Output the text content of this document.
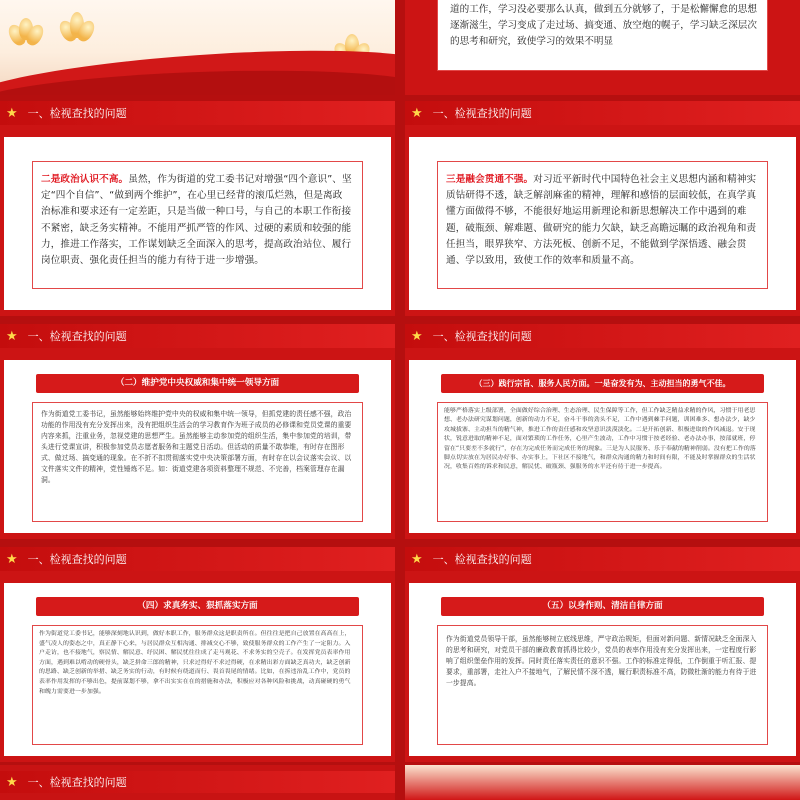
道的工作，学习没必要那么认真，做到五分就够了，于是松懈懈怠的思想逐渐滋生，学习变成了走过场、搞变通、放空炮的幌子，学习缺乏深层次的思考和研究，致使学习的效果不明显

★ 一、检视查找的问题

二是政治认识不高。虽然，作为街道的党工委书记对增强“四个意识”、坚定“四个自信”、“做到两个维护”，在心里已经背的滚瓜烂熟，但是离政治标准和要求还有一定差距，只是当做一种口号，与自己的本职工作衔接不紧密，缺乏务实精神。不能用严抓严管的作风、过硬的素质和较强的能力，推进工作落实，工作谋划缺乏全面深入的思考，提高政治站位、履行岗位职责、强化责任担当的能力有待于进一步增强。

★ 一、检视查找的问题

三是融会贯通不强。对习近平新时代中国特色社会主义思想内涵和精神实质钻研得不透，缺乏解剖麻雀的精神，理解和感悟的层面较低，在真学真懂方面做得不够，不能很好地运用新理论和新思想解决工作中遇到的难题，破瓶颈、解难题、做研究的能力欠缺，缺乏高瞻远瞩的政治视角和责任担当，眼界狭窄、方法死板、创新不足，不能做到学深悟透、融会贯通、学以致用，致使工作的效率和质量不高。

★ 一、检视查找的问题
（二）维护党中央权威和集中统一领导方面

作为街道党工委书记，虽然能够始终维护党中央的权威和集中统一领导，但抓党建的责任感不强，政治功能的作用没有充分发挥出来，没有把组织生活会的学习教育作为班子成员的必修课和党员党课的重要内容来抓，注重业务，忽视党建的思想严生。虽然能够主动参加党的组织生活，集中参加党的培训，带头进行党课宣讲，积极参加党员志愿者服务和主题党日活动。但活动的质量不敢恭维，有时存在图形式、做过场、搞变通的现象。在不折不扣贯彻落实党中央决策部署方面，有时存在以会议落实会议、以文件落实文件的精神，党性锤炼不足。如：街道党建各项资料整理不规范、不完善，档案管理存在漏洞。

★ 一、检视查找的问题
（三）践行宗旨、服务人民方面。一是奋发有为、主动担当的勇气不佳。

能够严格落实上级部署，全面做好综合治理、生态治理、民生保障等工作，但工作缺乏精益求精的作风，习惯于用老思想、老办法研究谋划问题，创新的动力不足，奋斗干事的劲头不足，工作中遇到棘手问题，训困难多、想办法少，缺少攻城拔寨、主动担当的精气神，推进工作的责任感和攻坚意识淡漠淡化。二是开拓创新、积极进取的作风减退。安于现状，锐意进取的精神不足，面对繁琐的工作任务，心里产生波动，工作中习惯于按老经验、老办法办事，按部就班，停留在“只要差不多就行”，存在为完成任务而完成任务的现象。三是为人民服务、乐于奉献的精神削弱。没有把工作的落脚点切实放在为居民办好事、办实事上，下社区不接地气，和群众沟通的精力和时间有限，不能及时掌握群众的生活状况，收集百姓的诉求和民意，解民忧、破瓶颈、强服务的水平还有待于进一步提高。

★ 一、检视查找的问题
（四）求真务实、狠抓落实方面

作为街道党工委书记，能够深刻地认识到，做好本职工作，服务群众这是职责所在。但往往是把自己放置在高高在上，盛气凌人的姿态之中，真正静下心来，与居民群众互相沟通、排减交心不够，致使服务群众的工作产生了一定阻力。入户走访，也不接地气，察民情、解民意、纾民困、解民忧往往成了走马观花、不求务实的空壳子。在发挥党员表率作用方面，遇到难以啃动的硬骨头，缺乏拼命三郎的精神，只求过得好不求过得硬，在求精出彩方面缺乏真功夫，缺乏创新的思路、缺乏创新的举措、缺乏务实的行动，有时候有绕道而行、畏首畏尾的情绪。比如，在拆违治乱工作中，党员的表率作用发挥的不够出色，提前谋划不够，拿不出实实在在的措施和办法，积极应对各种风险和挑战，动真碰硬的勇气和魄力需要进一步加强。

★ 一、检视查找的问题
（五）以身作则、清洁自律方面

作为街道党员领导干部，虽然能够树立底线思维，严守政治规矩，但面对新问题、新情况缺乏全面深入的思考和研究，对党员干部的廉政教育抓得比较少，党员的表率作用没有充分发挥出来，一定程度行影响了组织堡垒作用的发挥。同时责任落实责任的意识不强。工作的标准定得低，工作倒重于听汇报、提要求，重部署，走社入户不接地气，了解民情不深不透，履行职责标准不高，防微杜渐的能力有待于进一步提高。

★ 一、检视查找的问题
